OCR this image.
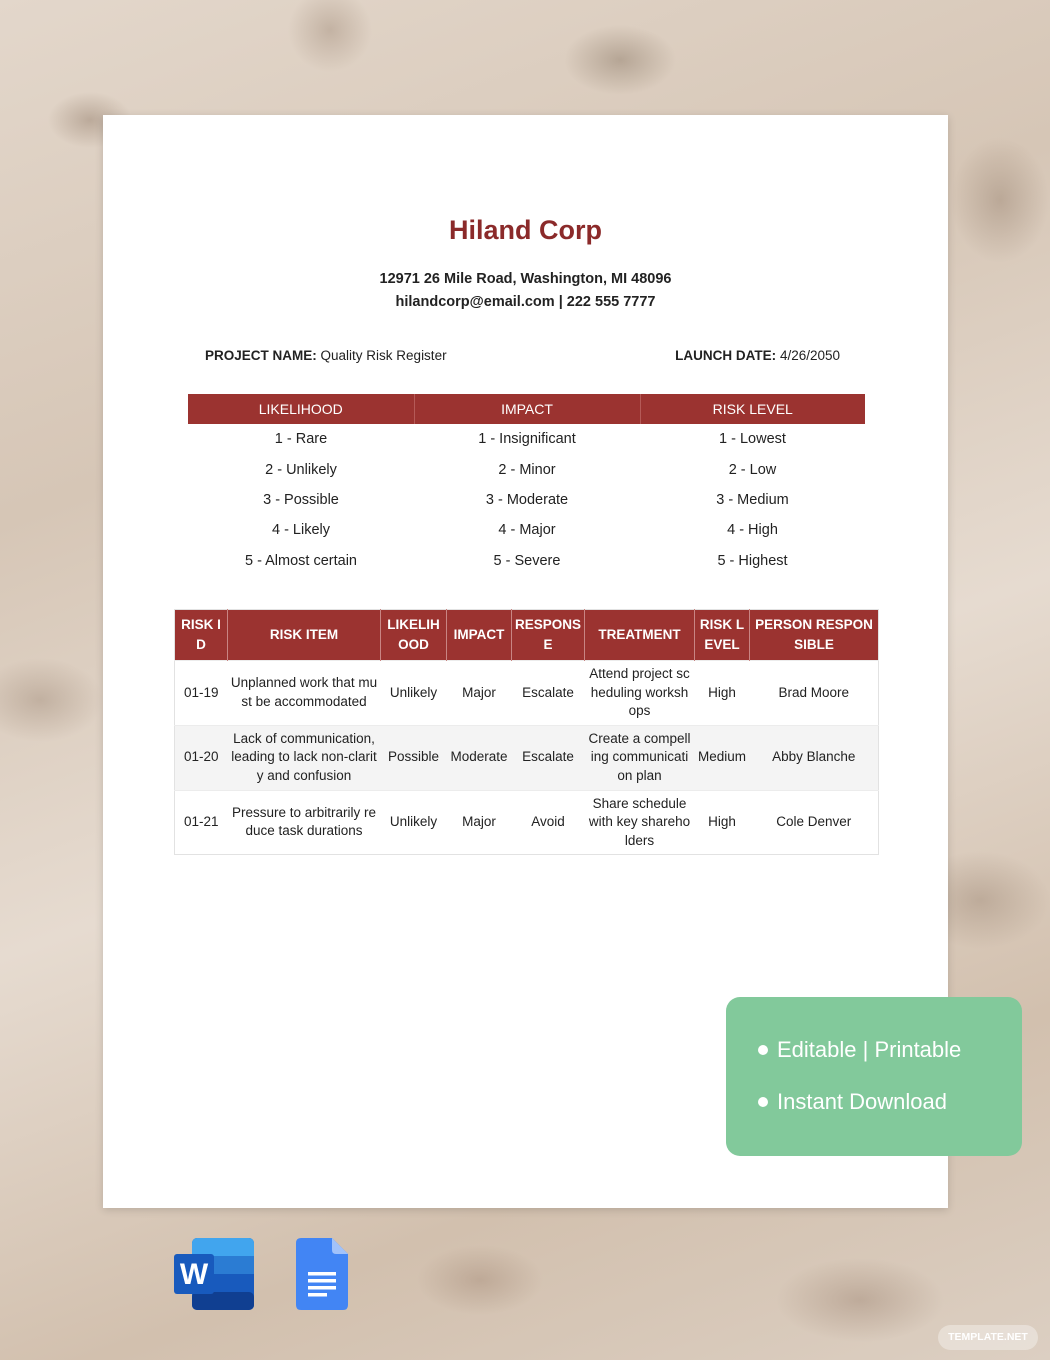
Hiland Corp
12971 26 Mile Road, Washington, MI 48096
hilandcorp@email.com | 222 555 7777
PROJECT NAME: Quality Risk Register	LAUNCH DATE: 4/26/2050
LIKELIHOOD	IMPACT	RISK LEVEL
1 - Rare	1 - Insignificant	1 - Lowest
2 - Unlikely	2 - Minor	2 - Low
3 - Possible	3 - Moderate	3 - Medium
4 - Likely	4 - Major	4 - High
5 - Almost certain	5 - Severe	5 - Highest
RISK ID	RISK ITEM	LIKELIHOOD	IMPACT	RESPONSE	TREATMENT	RISK LEVEL	PERSON RESPONSIBLE
01-19	Unplanned work that must be accommodated	Unlikely	Major	Escalate	Attend project scheduling workshops	High	Brad Moore
01-20	Lack of communication, leading to lack non-clarity and confusion	Possible	Moderate	Escalate	Create a compelling communication plan	Medium	Abby Blanche
01-21	Pressure to arbitrarily reduce task durations	Unlikely	Major	Avoid	Share schedule with key shareholders	High	Cole Denver
Editable | Printable
Instant Download
W
TEMPLATE.NET
